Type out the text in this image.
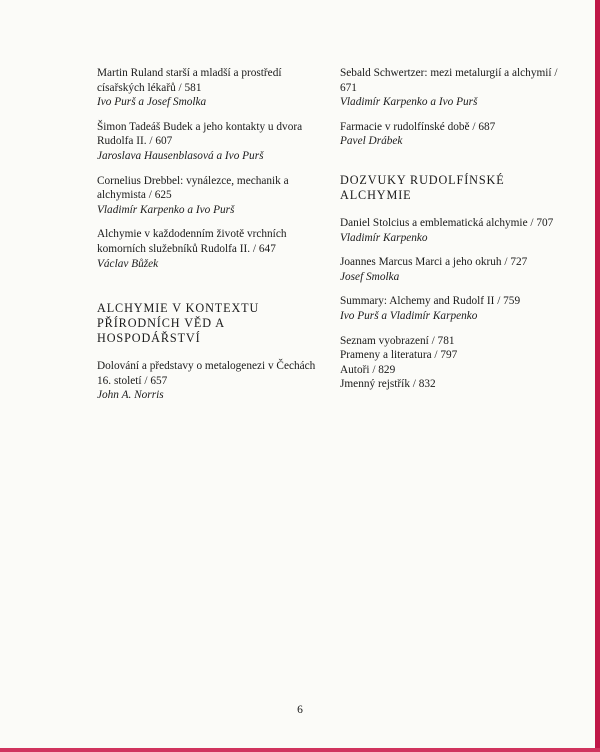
Martin Ruland starší a mladší a prostředí císařských lékařů / 581
Ivo Purš a Josef Smolka
Šimon Tadeáš Budek a jeho kontakty u dvora Rudolfa II. / 607
Jaroslava Hausenblasová a Ivo Purš
Cornelius Drebbel: vynálezce, mechanik a alchymista / 625
Vladimír Karpenko a Ivo Purš
Alchymie v každodenním životě vrchních komorních služebníků Rudolfa II. / 647
Václav Bůžek
ALCHYMIE V KONTEXTU PŘÍRODNÍCH VĚD A HOSPODÁŘSTVÍ
Dolování a představy o metalogenezi v Čechách 16. století / 657
John A. Norris
Sebald Schwertzer: mezi metalurgií a alchymií / 671
Vladimír Karpenko a Ivo Purš
Farmacie v rudolfínské době / 687
Pavel Drábek
DOZVUKY RUDOLFÍNSKÉ ALCHYMIE
Daniel Stolcius a emblematická alchymie / 707
Vladimír Karpenko
Joannes Marcus Marci a jeho okruh / 727
Josef Smolka
Summary: Alchemy and Rudolf II / 759
Ivo Purš a Vladimír Karpenko
Seznam vyobrazení / 781
Prameny a literatura / 797
Autoři / 829
Jmenný rejstřík / 832
6
